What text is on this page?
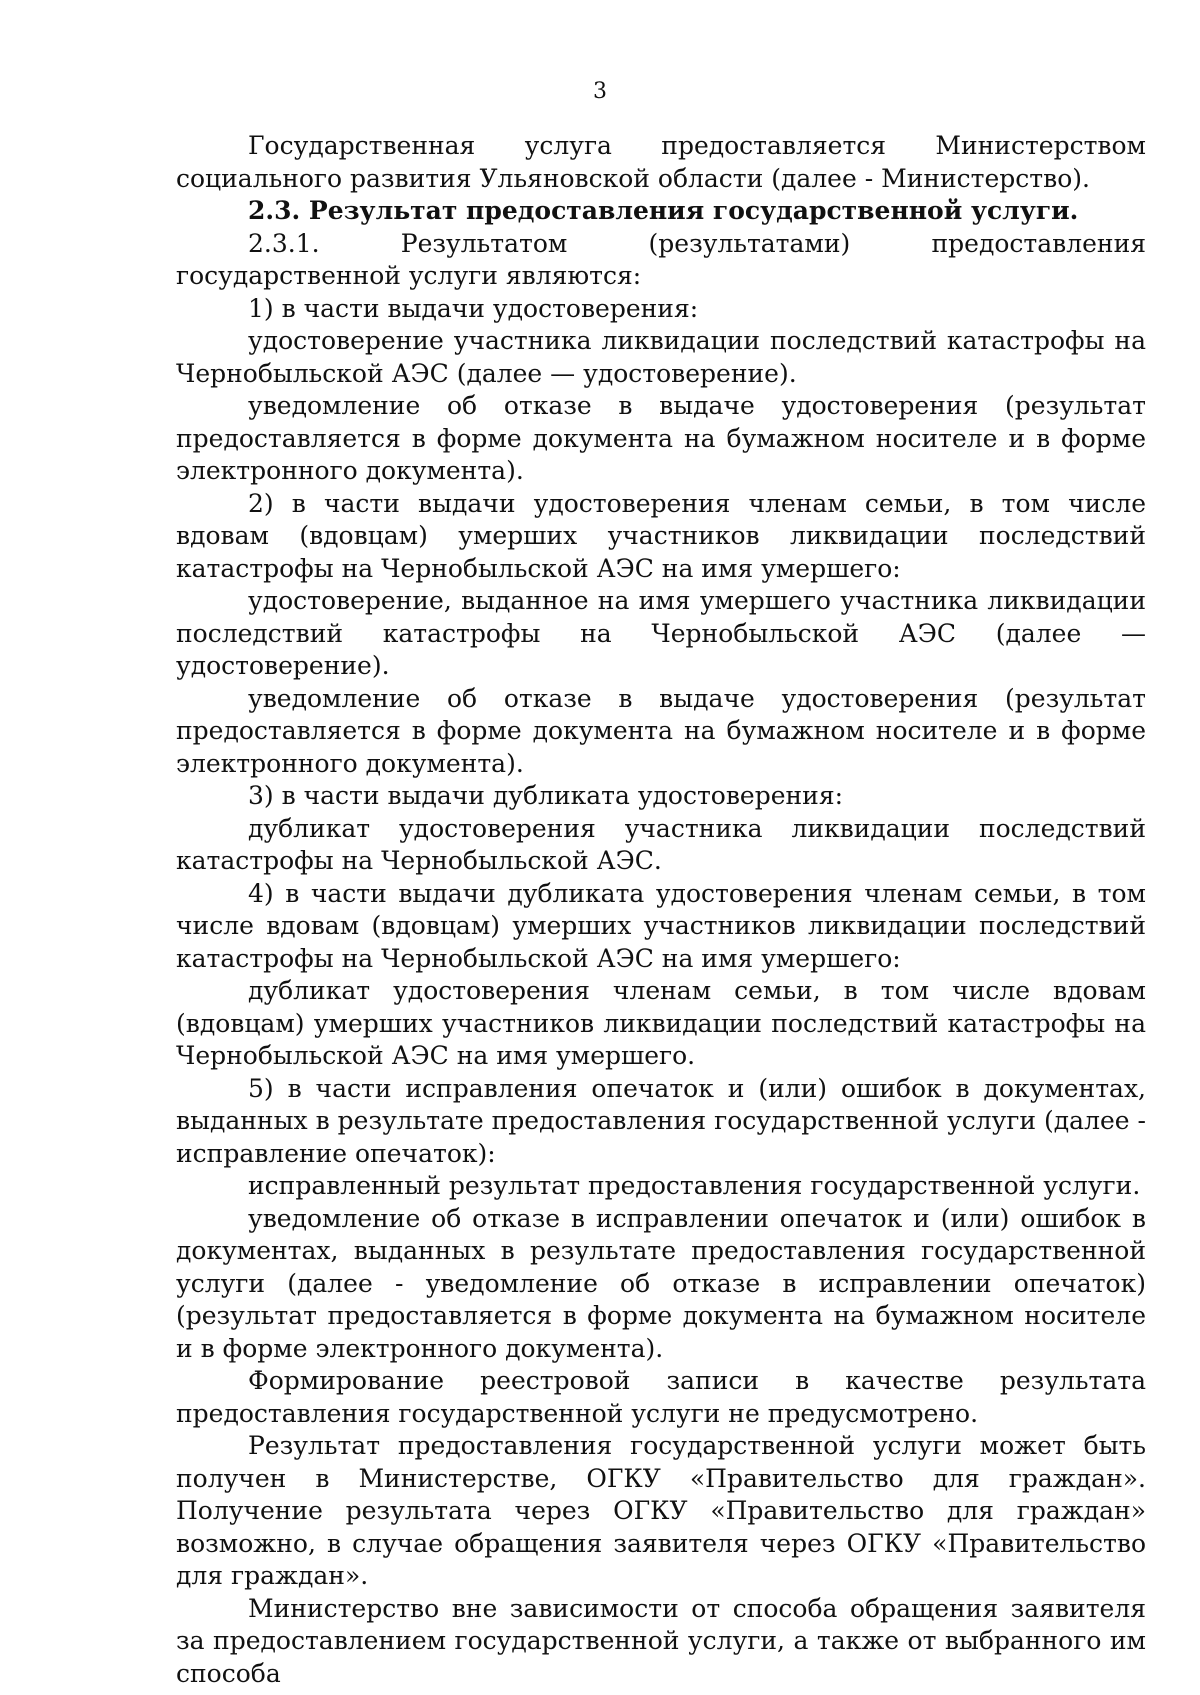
3

Государственная услуга предоставляется Министерством социального развития Ульяновской области (далее - Министерство).

2.3. Результат предоставления государственной услуги.

2.3.1. Результатом (результатами) предоставления государственной услуги являются:

1) в части выдачи удостоверения:

удостоверение участника ликвидации последствий катастрофы на Чернобыльской АЭС (далее — удостоверение).

уведомление об отказе в выдаче удостоверения (результат предоставляется в форме документа на бумажном носителе и в форме электронного документа).

2) в части выдачи удостоверения членам семьи, в том числе вдовам (вдовцам) умерших участников ликвидации последствий катастрофы на Чернобыльской АЭС на имя умершего:

удостоверение, выданное на имя умершего участника ликвидации последствий катастрофы на Чернобыльской АЭС (далее — удостоверение).

уведомление об отказе в выдаче удостоверения (результат предоставляется в форме документа на бумажном носителе и в форме электронного документа).

3) в части выдачи дубликата удостоверения:

дубликат удостоверения участника ликвидации последствий катастрофы на Чернобыльской АЭС.

4) в части выдачи дубликата удостоверения членам семьи, в том числе вдовам (вдовцам) умерших участников ликвидации последствий катастрофы на Чернобыльской АЭС на имя умершего:

дубликат удостоверения членам семьи, в том числе вдовам (вдовцам) умерших участников ликвидации последствий катастрофы на Чернобыльской АЭС на имя умершего.

5) в части исправления опечаток и (или) ошибок в документах, выданных в результате предоставления государственной услуги (далее - исправление опечаток):

исправленный результат предоставления государственной услуги.

уведомление об отказе в исправлении опечаток и (или) ошибок в документах, выданных в результате предоставления государственной услуги (далее - уведомление об отказе в исправлении опечаток) (результат предоставляется в форме документа на бумажном носителе и в форме электронного документа).

Формирование реестровой записи в качестве результата предоставления государственной услуги не предусмотрено.

Результат предоставления государственной услуги может быть получен в Министерстве, ОГКУ «Правительство для граждан». Получение результата через ОГКУ «Правительство для граждан» возможно, в случае обращения заявителя через ОГКУ «Правительство для граждан».

Министерство вне зависимости от способа обращения заявителя за предоставлением государственной услуги, а также от выбранного им способа
